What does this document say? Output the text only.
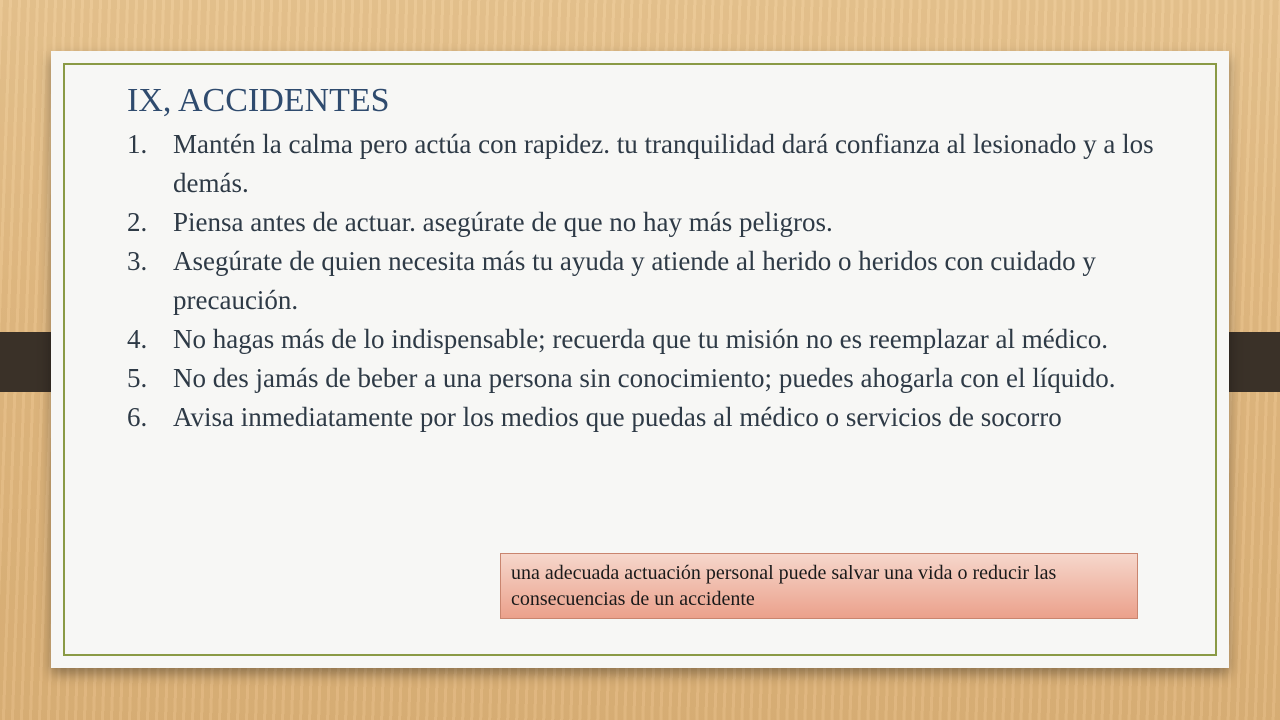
IX, ACCIDENTES
1. Mantén la calma pero actúa con rapidez. tu tranquilidad dará confianza al lesionado y a los demás.
2. Piensa antes de actuar. asegúrate de que no hay más peligros.
3. Asegúrate de quien necesita más tu ayuda y atiende al herido o heridos con cuidado y precaución.
4. No hagas más de lo indispensable; recuerda que tu misión no es reemplazar al médico.
5. No des jamás de beber a una persona sin conocimiento; puedes ahogarla con el líquido.
6. Avisa inmediatamente por los medios que puedas al médico o servicios de socorro
una adecuada actuación personal puede salvar una vida o reducir las consecuencias de un accidente
